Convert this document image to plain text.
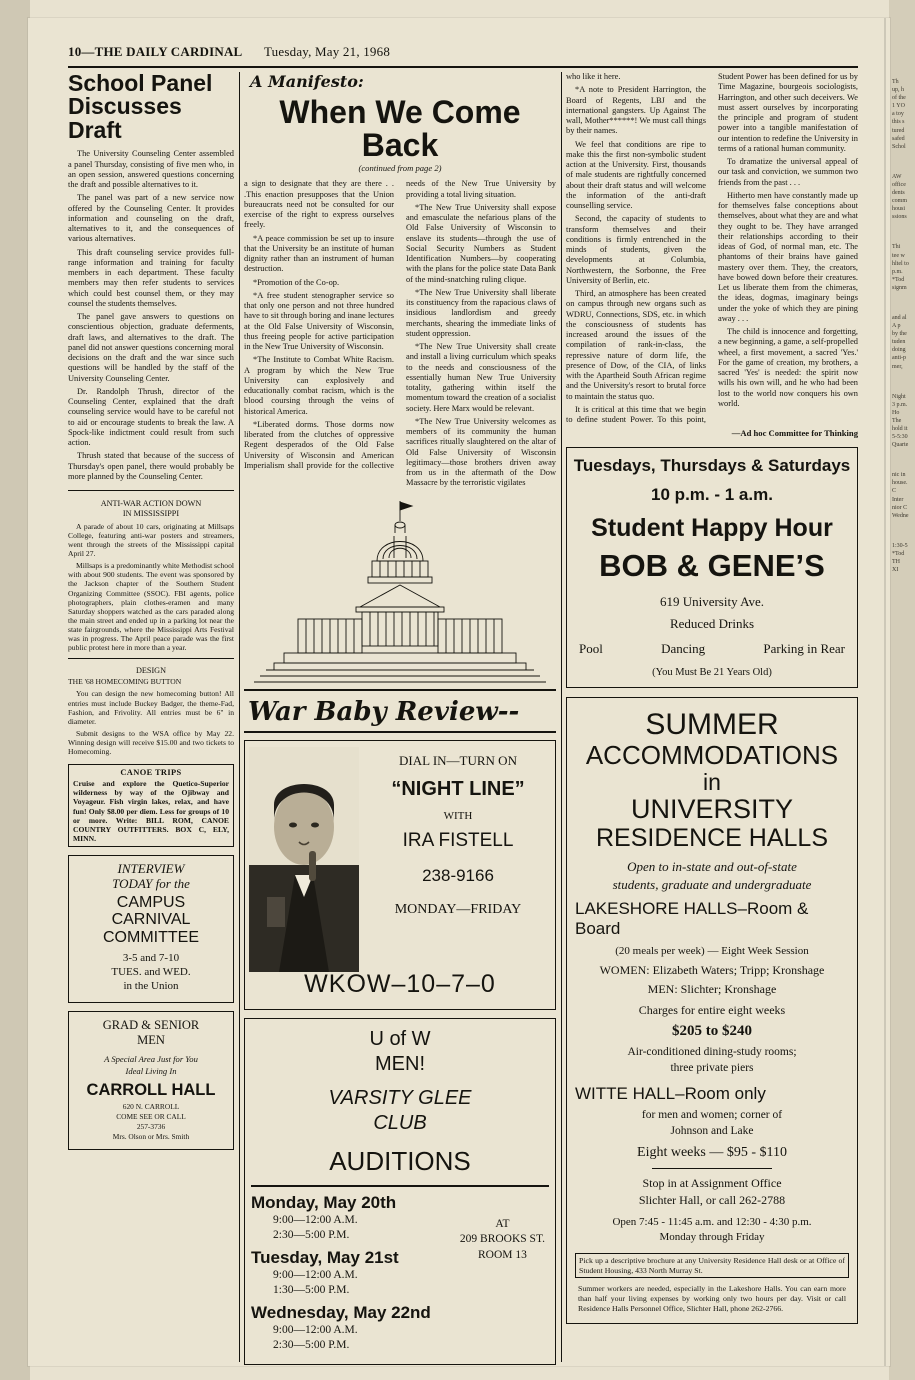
10—THE DAILY CARDINAL Tuesday, May 21, 1968
School Panel
Discusses Draft

The University Counseling Center assembled a panel Thursday, consisting of five men who, in an open session, answered questions concerning the draft and possible alternatives to it.

The panel was part of a new service now offered by the Counseling Center. It provides information and counseling on the draft, alternatives to it, and the consequences of various alternatives.

This draft counseling service provides full-range information and training for faculty members in each department. These faculty members may then refer students to services which could best counsel them, or they may counsel the students themselves.

The panel gave answers to questions on conscientious objection, graduate deferments, draft laws, and alternatives to the draft. The panel did not answer questions concerning moral decisions on the draft and the war since such questions will be handled by the staff of the University Counseling Center.

Dr. Randolph Thrush, director of the Counseling Center, explained that the draft counseling service would have to be careful not to aid or encourage students to break the law. A Spock-like indictment could result from such action.

Thrush stated that because of the success of Thursday's open panel, there would probably be more planned by the Counseling Center.

ANTI-WAR ACTION DOWN
IN MISSISSIPPI

A parade of about 10 cars, originating at Millsaps College, featuring anti-war posters and streamers, went through the streets of the Mississippi capital April 27.

Millsaps is a predominantly white Methodist school with about 900 students. The event was sponsored by the Jackson chapter of the Southern Student Organizing Committee (SSOC). FBI agents, police photographers, plain clothes-eramen and many Saturday shoppers watched as the cars paraded along the main street and ended up in a parking lot near the state fairgrounds, where the Mississippi Arts Festival was in progress. The April peace parade was the first public protest here in more than a year.

DESIGN

THE '68 HOMECOMING BUTTON

You can design the new homecoming button! All entries must include Buckey Badger, the theme-Fad, Fashion, and Frivolity. All entries must be 6" in diameter.

Submit designs to the WSA office by May 22. Winning design will receive $15.00 and two tickets to Homecoming.

CANOE TRIPS
Cruise and explore the Quetico-Superior wilderness by way of the Ojibway and Voyageur. Fish virgin lakes, relax, and have fun! Only $8.00 per diem. Less for groups of 10 or more. Write: BILL ROM, CANOE COUNTRY OUTFITTERS. BOX C, ELY, MINN.
INTERVIEW
TODAY for the
CAMPUS
CARNIVAL
COMMITTEE
3-5 and 7-10
TUES. and WED.
in the Union
GRAD & SENIOR
MEN
A Special Area Just for You
Ideal Living In
CARROLL HALL
620 N. CARROLL
COME SEE OR CALL
257-3736
Mrs. Olson or Mrs. Smith
A Manifesto:
When We Come Back
(continued from page 2)

a sign to designate that they are there . . .This enaction presupposes that the Union bureaucrats need not be consulted for our exercise of the right to express ourselves freely.

*A peace commission be set up to insure that the University be an institute of human dignity rather than an instrument of human destruction.

*Promotion of the Co-op.

*A free student stenographer service so that only one person and not three hundred have to sit through boring and inane lectures at the Old False University of Wisconsin, thus freeing people for active participation in the New True University of Wisconsin.

*The Institute to Combat White Racism. A program by which the New True University can explosively and educationally combat racism, which is the blood coursing through the veins of historical America.

*Liberated dorms. Those dorms now liberated from the clutches of oppressive Regent desperados of the Old False University of Wisconsin and American Imperialism shall provide for the collective needs of the New True University by providing a total living situation.

*The New True University shall expose and emasculate the nefarious plans of the Old False University of Wisconsin to enslave its students—through the use of Social Security Numbers as Student Identification Numbers—by cooperating with the plans for the police state Data Bank of the mind-snatching ruling clique.

*The New True University shall liberate its constituency from the rapacious claws of insidious landlordism and greedy merchants, shearing the immediate links of student oppression.

*The New True University shall create and install a living curriculum which speaks to the needs and consciousness of the essentially human New True University totality, gathering within itself the momentum toward the creation of a socialist society. Here Marx would be relevant.

*The New True University welcomes as members of its community the human sacrifices ritually slaughtered on the altar of Old False University of Wisconsin legitimacy—those brothers driven away from us in the aftermath of the Dow Massacre by the terroristic vigilates

War Baby Review--
DIAL IN—TURN ON
“NIGHT LINE”
WITH
IRA FISTELL
238-9166
MONDAY—FRIDAY
WKOW–10–7–0
U of W
MEN!
VARSITY GLEE
CLUB
AUDITIONS
Monday, May 20th
9:00—12:00 A.M.
2:30—5:00 P.M.
Tuesday, May 21st
9:00—12:00 A.M.
1:30—5:00 P.M.
Wednesday, May 22nd
9:00—12:00 A.M.
2:30—5:00 P.M.
AT
209 BROOKS ST.
ROOM 13

who like it here.

*A note to President Harrington, the Board of Regents, LBJ and the international gangsters. Up Against The wall, Mother******! We must call things by their names.

We feel that conditions are ripe to make this the first non-symbolic student action at the University. First, thousands of male students are rightfully concerned about their draft status and will welcome the information of the anti-draft counselling service.

Second, the capacity of students to transform themselves and their conditions is firmly entrenched in the minds of students, given the developments at Columbia, Northwestern, the Sorbonne, the Free University of Berlin, etc.

Third, an atmosphere has been created on campus through new organs such as WDRU, Connections, SDS, etc. in which the consciousness of students has increased around the issues of the compilation of rank-in-class, the repressive nature of dorm life, the presence of Dow, of the CIA, of links with the Apartheid South African regime and the University's resort to brutal force to maintain the status quo.

It is critical at this time that we begin to define student Power. To this point, Student Power has been defined for us by Time Magazine, bourgeois sociologists, Harrington, and other such deceivers. We must assert ourselves by incorporating the principle and program of student power into a tangible manifestation of our intention to redefine the University in terms of a rational human community.

To dramatize the universal appeal of our task and conviction, we summon two friends from the past . . .

Hitherto men have constantly made up for themselves false conceptions about themselves, about what they are and what they ought to be. They have arranged their relationships according to their ideas of God, of normal man, etc. The phantoms of their brains have gained mastery over them. They, the creators, have bowed down before their creatures. Let us liberate them from the chimeras, the ideas, dogmas, imaginary beings under the yoke of which they are pining away . . .

The child is innocence and forgetting, a new beginning, a game, a self-propelled wheel, a first movement, a sacred 'Yes.' For the game of creation, my brothers, a sacred 'Yes' is needed: the spirit now wills his own will, and he who had been lost to the world now conquers his own world.

—Ad hoc Committee for Thinking
Tuesdays, Thursdays & Saturdays
10 p.m. - 1 a.m.
Student Happy Hour
BOB & GENE’S
619 University Ave.
Reduced Drinks
Pool	Dancing	Parking in Rear
(You Must Be 21 Years Old)
SUMMER
ACCOMMODATIONS
in
UNIVERSITY
RESIDENCE HALLS
Open to in-state and out-of-state
students, graduate and undergraduate
LAKESHORE HALLS–Room & Board
(20 meals per week) — Eight Week Session
WOMEN: Elizabeth Waters; Tripp; Kronshage
MEN: Slichter; Kronshage
Charges for entire eight weeks
$205 to $240
Air-conditioned dining-study rooms;
three private piers
WITTE HALL–Room only
for men and women; corner of
Johnson and Lake
Eight weeks — $95 - $110
Stop in at Assignment Office
Slichter Hall, or call 262-2788
Open 7:45 - 11:45 a.m. and 12:30 - 4:30 p.m.
Monday through Friday
Pick up a descriptive brochure at any University Residence Hall desk or at Office of Student Housing, 433 North Murray St.
Summer workers are needed, especially in the Lakeshore Halls. You can earn more than half your living expenses by working only two hours per day. Visit or call Residence Halls Personnel Office, Slichter Hall, phone 262-2766.
Th
up, h
of the
1 YO
a toy
this s
tured
safed
Schol
AW
office
dents
comm
housi
ssions
Thi
tee w
hltel to
p.m.
*Tod
signm
and al
A p
by the
tuden
doing
anti-p
mer,
Night
3 p.m.
Ho
The
hold it
5-5:30
Quarte
nic in
house.
C
Inter
nior C
Wedne
1:30-5
*Tod
TH
XI
